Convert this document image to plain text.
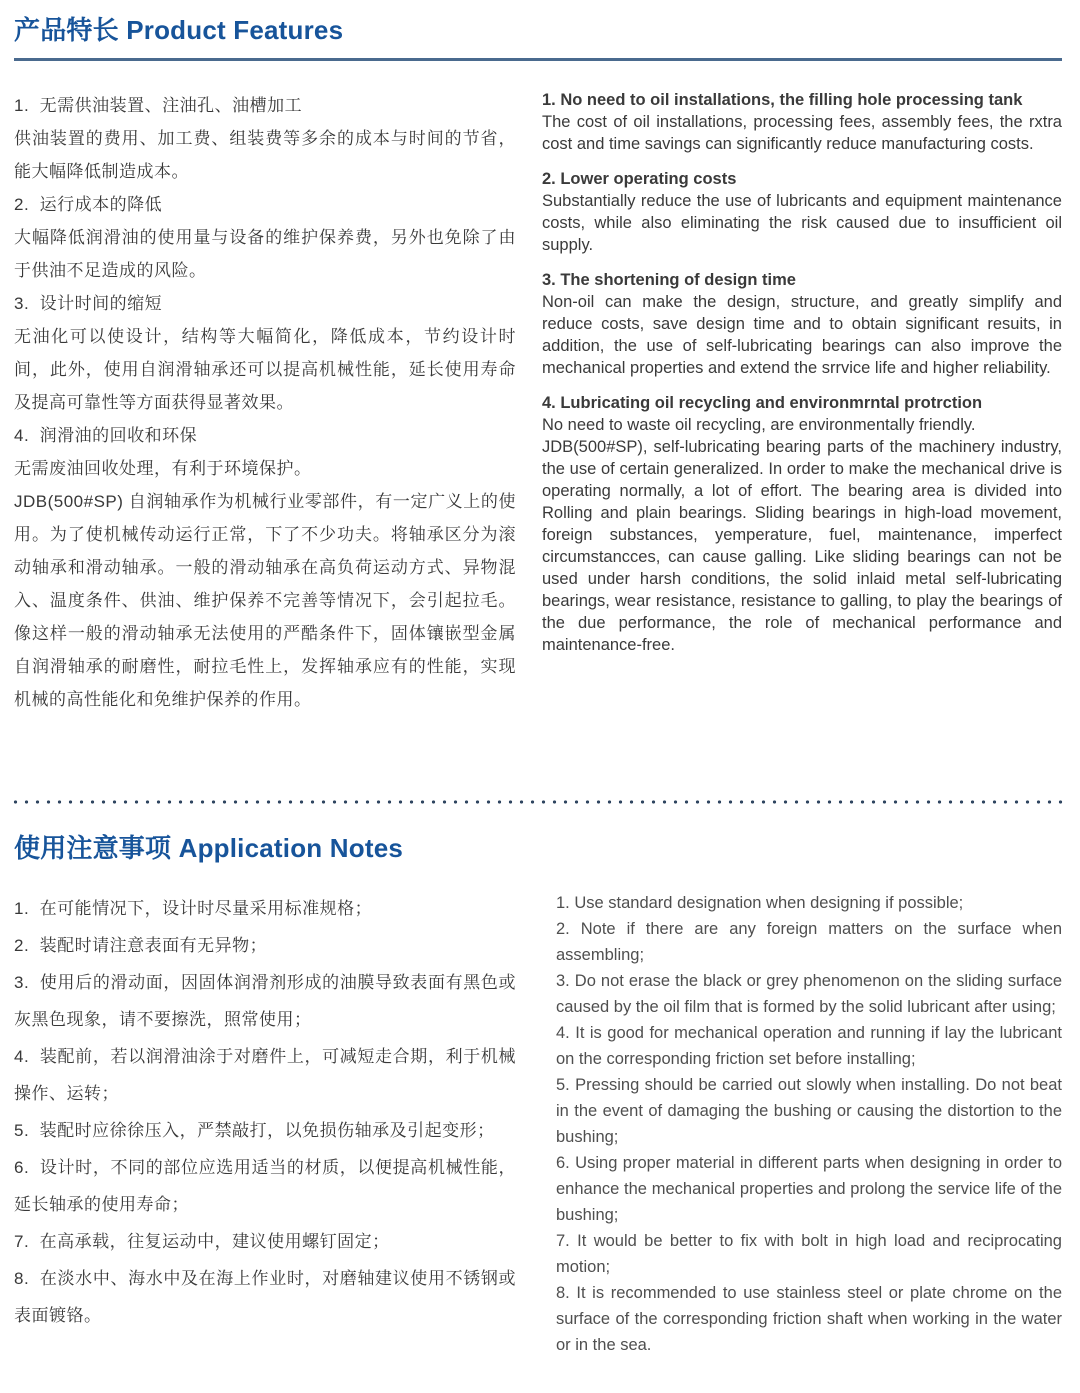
产品特长 Product Features

1.  无需供油装置、注油孔、油槽加工

供油装置的费用、加工费、组装费等多余的成本与时间的节省，能大幅降低制造成本。

2.  运行成本的降低

大幅降低润滑油的使用量与设备的维护保养费，另外也免除了由于供油不足造成的风险。

3.  设计时间的缩短

无油化可以使设计，结构等大幅简化，降低成本，节约设计时间，此外，使用自润滑轴承还可以提高机械性能，延长使用寿命及提高可靠性等方面获得显著效果。

4.  润滑油的回收和环保

无需废油回收处理，有利于环境保护。

JDB(500#SP) 自润轴承作为机械行业零部件，有一定广义上的使用。为了使机械传动运行正常，下了不少功夫。将轴承区分为滚动轴承和滑动轴承。一般的滑动轴承在高负荷运动方式、异物混入、温度条件、供油、维护保养不完善等情况下，会引起拉毛。像这样一般的滑动轴承无法使用的严酷条件下，固体镶嵌型金属自润滑轴承的耐磨性，耐拉毛性上，发挥轴承应有的性能，实现机械的高性能化和免维护保养的作用。

1. No need to oil installations, the filling hole processing tank

The cost of oil installations, processing fees, assembly fees, the rxtra cost and time savings can significantly reduce manufacturing costs.

2. Lower operating costs

Substantially reduce the use of lubricants and equipment maintenance costs, while also eliminating the risk caused due to insufficient oil supply.

3. The shortening of design time

Non-oil can make the design, structure, and greatly simplify and reduce costs, save design time and to obtain significant resuits, in addition, the use of self-lubricating bearings can also improve the mechanical properties and extend the srrvice life and higher reliability.

4. Lubricating oil recycling and environmrntal protrction

No need to waste oil recycling, are environmentally friendly.

JDB(500#SP), self-lubricating bearing parts of the machinery industry, the use of certain generalized. In order to make the mechanical drive is operating normally, a lot of effort. The bearing area is divided into Rolling and plain bearings. Sliding bearings in high-load movement, foreign substances, yemperature, fuel, maintenance, imperfect circumstancces, can cause galling. Like sliding bearings can not be used under harsh conditions, the solid inlaid metal self-lubricating bearings, wear resistance, resistance to galling, to play the bearings of the due performance, the role of mechanical performance and maintenance-free.

使用注意事项 Application Notes

1.  在可能情况下，设计时尽量采用标准规格；

2.  装配时请注意表面有无异物；

3.  使用后的滑动面，因固体润滑剂形成的油膜导致表面有黑色或灰黑色现象，请不要擦洗，照常使用；

4.  装配前，若以润滑油涂于对磨件上，可减短走合期，利于机械操作、运转；

5.  装配时应徐徐压入，严禁敲打，以免损伤轴承及引起变形；

6.  设计时，不同的部位应选用适当的材质，以便提高机械性能，延长轴承的使用寿命；

7.  在高承载，往复运动中，建议使用螺钉固定；

8.  在淡水中、海水中及在海上作业时，对磨轴建议使用不锈钢或表面镀铬。

1. Use standard designation when designing if possible;

2. Note if there are any foreign matters on the surface when assembling;

3. Do not erase the black or grey phenomenon on the sliding surface caused by the oil film that is formed by the solid lubricant after using;

4. It is good for mechanical operation and running if lay the lubricant on the corresponding friction set before installing;

5. Pressing should be carried out slowly when installing. Do not beat in the event of damaging the bushing or causing the distortion to the bushing;

6. Using proper material in different parts when designing in order to enhance the mechanical properties and prolong the service life of the bushing;

7. It would be better to fix with bolt in high load and reciprocating motion;

8. It is recommended to use stainless steel or plate chrome on the surface of the corresponding friction shaft when working in the water or in the sea.
